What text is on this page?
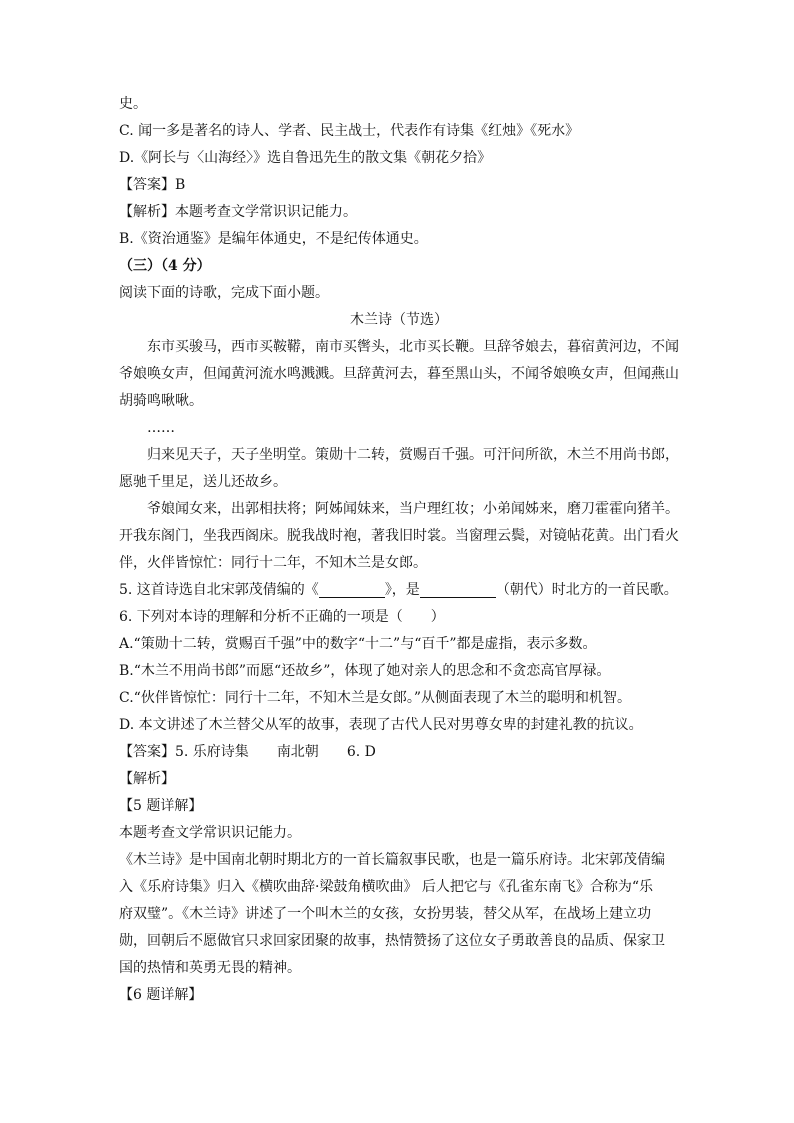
史。
C. 闻一多是著名的诗人、学者、民主战士，代表作有诗集《红烛》《死水》
D.《阿长与〈山海经〉》选自鲁迅先生的散文集《朝花夕拾》
【答案】B
【解析】本题考查文学常识识记能力。
B.《资治通鉴》是编年体通史，不是纪传体通史。
（三）（4 分）
阅读下面的诗歌，完成下面小题。
木兰诗（节选）
东市买骏马，西市买鞍鞯，南市买辔头，北市买长鞭。旦辞爷娘去，暮宿黄河边，不闻
爷娘唤女声，但闻黄河流水鸣溅溅。旦辞黄河去，暮至黑山头，不闻爷娘唤女声，但闻燕山
胡骑鸣啾啾。
……
归来见天子，天子坐明堂。策勋十二转，赏赐百千强。可汗问所欲，木兰不用尚书郎，
愿驰千里足，送儿还故乡。
爷娘闻女来，出郭相扶将；阿姊闻妹来，当户理红妆；小弟闻姊来，磨刀霍霍向猪羊。
开我东阁门，坐我西阁床。脱我战时袍，著我旧时裳。当窗理云鬓，对镜帖花黄。出门看火
伴，火伴皆惊忙：同行十二年，不知木兰是女郎。
5. 这首诗选自北宋郭茂倩编的《	》，是	（朝代）时北方的一首民歌。
6. 下列对本诗的理解和分析不正确的一项是（　　）
A.“策勋十二转，赏赐百千强”中的数字“十二”与“百千”都是虚指，表示多数。
B.“木兰不用尚书郎”而愿“还故乡”，体现了她对亲人的思念和不贪恋高官厚禄。
C.“伙伴皆惊忙：同行十二年，不知木兰是女郎。”从侧面表现了木兰的聪明和机智。
D. 本文讲述了木兰替父从军的故事，表现了古代人民对男尊女卑的封建礼教的抗议。
【答案】5. 乐府诗集 南北朝 6. D
【解析】
【5 题详解】
本题考查文学常识识记能力。
《木兰诗》是中国南北朝时期北方的一首长篇叙事民歌，也是一篇乐府诗。北宋郭茂倩编
入《乐府诗集》归入《横吹曲辞·梁鼓角横吹曲》 后人把它与《孔雀东南飞》合称为“乐
府双璧”。《木兰诗》讲述了一个叫木兰的女孩，女扮男装，替父从军，在战场上建立功
勋，回朝后不愿做官只求回家团聚的故事，热情赞扬了这位女子勇敢善良的品质、保家卫
国的热情和英勇无畏的精神。
【6 题详解】
